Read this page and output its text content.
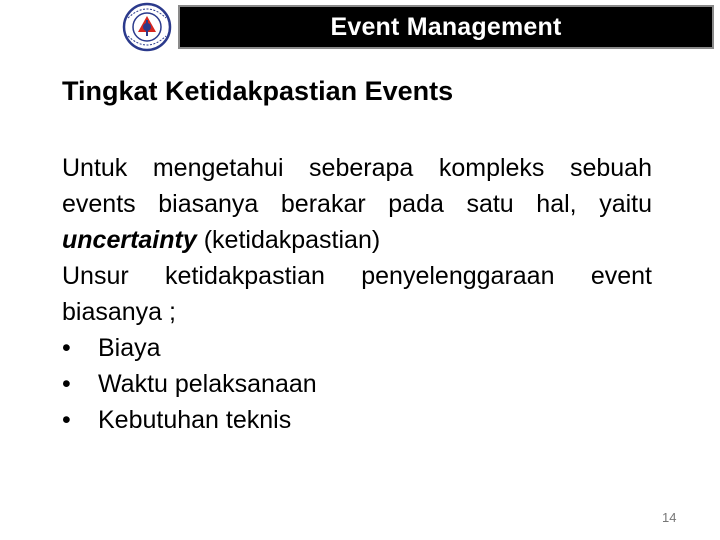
Event Management
Tingkat Ketidakpastian Events
Untuk mengetahui seberapa kompleks sebuah events biasanya berakar pada satu hal, yaitu uncertainty (ketidakpastian)
Unsur ketidakpastian penyelenggaraan event biasanya ;
•	Biaya
•	Waktu pelaksanaan
•	Kebutuhan teknis
14
